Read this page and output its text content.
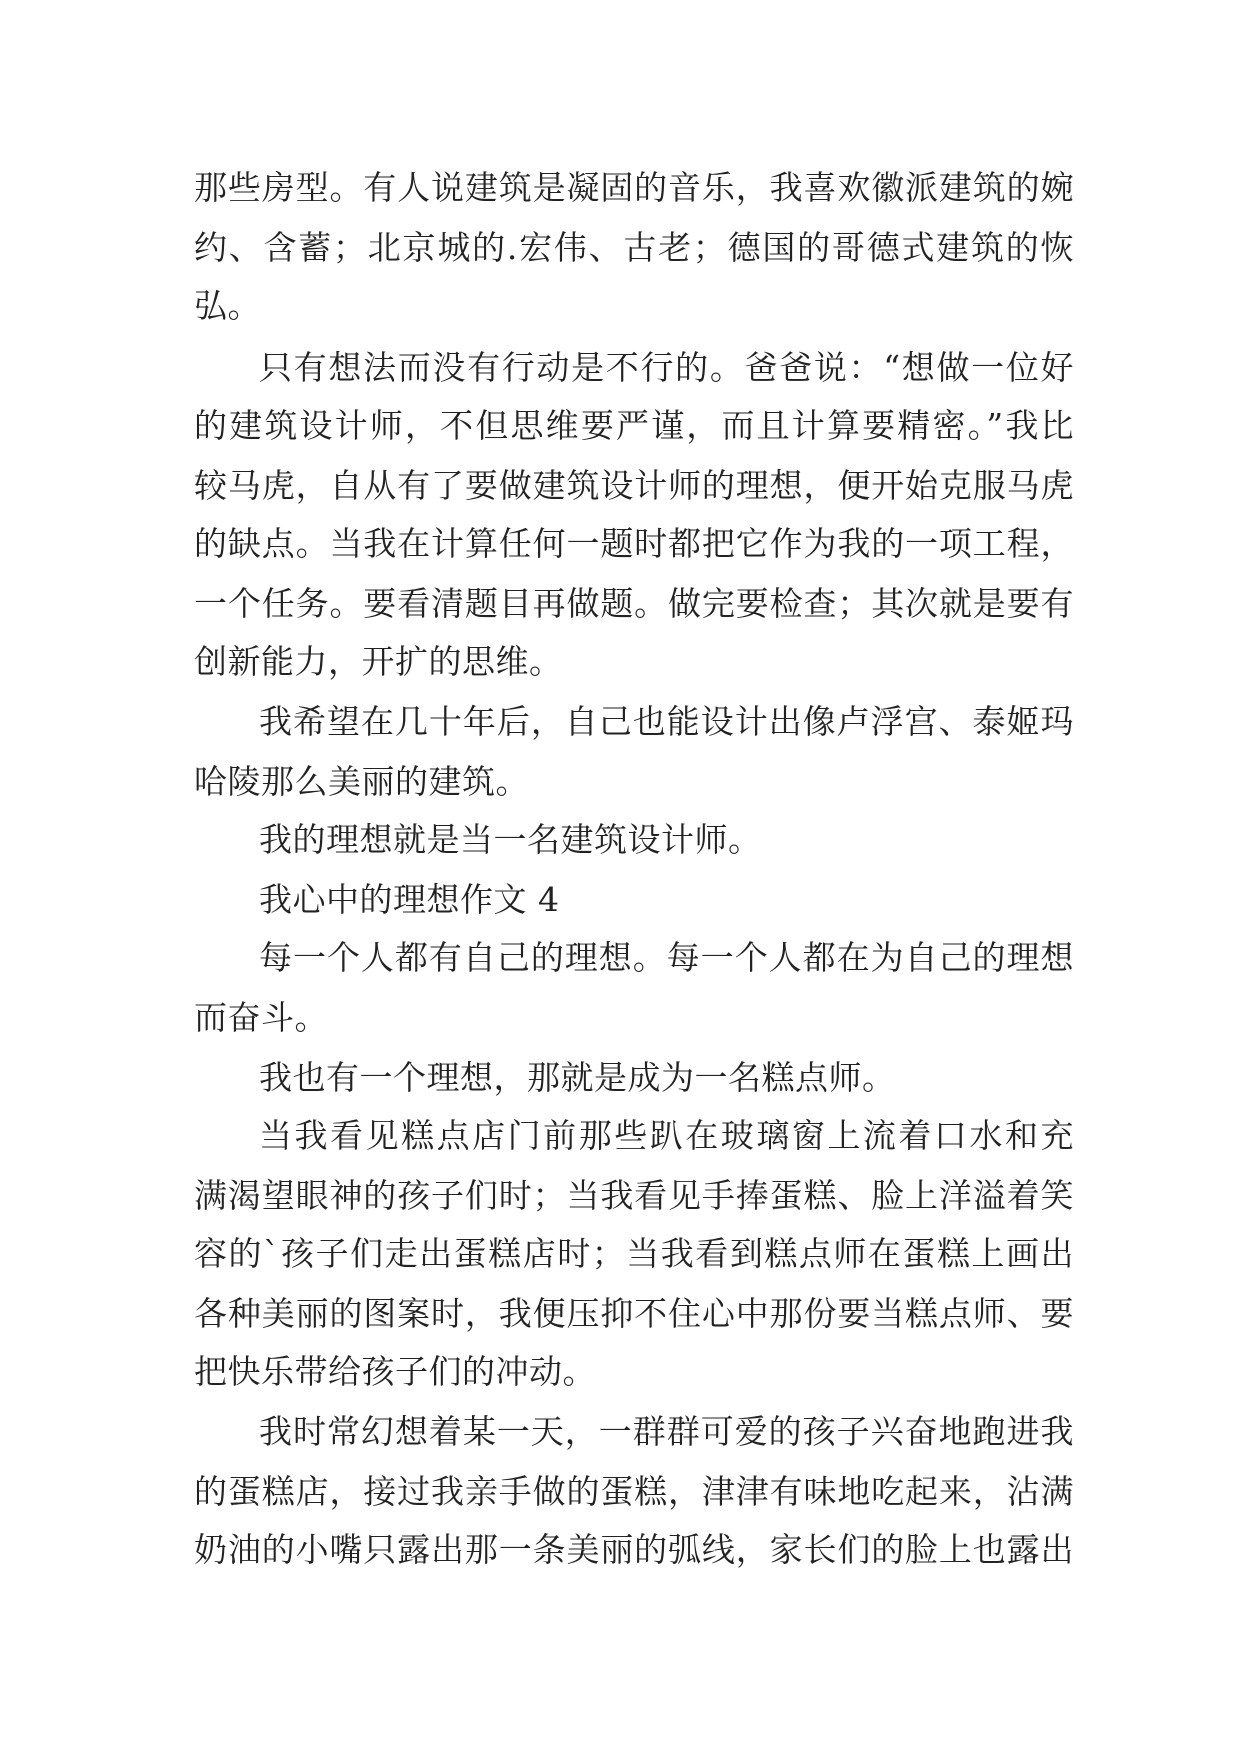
那些房型。有人说建筑是凝固的音乐，我喜欢徽派建筑的婉
约、含蓄；北京城的.宏伟、古老；德国的哥德式建筑的恢
弘。
只有想法而没有行动是不行的。爸爸说：“想做一位好
的建筑设计师，不但思维要严谨，而且计算要精密。”我比
较马虎，自从有了要做建筑设计师的理想，便开始克服马虎
的缺点。当我在计算任何一题时都把它作为我的一项工程，
一个任务。要看清题目再做题。做完要检查；其次就是要有
创新能力，开扩的思维。
我希望在几十年后，自己也能设计出像卢浮宫、泰姬玛
哈陵那么美丽的建筑。
我的理想就是当一名建筑设计师。
我心中的理想作文 4
每一个人都有自己的理想。每一个人都在为自己的理想
而奋斗。
我也有一个理想，那就是成为一名糕点师。
当我看见糕点店门前那些趴在玻璃窗上流着口水和充
满渴望眼神的孩子们时；当我看见手捧蛋糕、脸上洋溢着笑
容的`孩子们走出蛋糕店时；当我看到糕点师在蛋糕上画出
各种美丽的图案时，我便压抑不住心中那份要当糕点师、要
把快乐带给孩子们的冲动。
我时常幻想着某一天，一群群可爱的孩子兴奋地跑进我
的蛋糕店，接过我亲手做的蛋糕，津津有味地吃起来，沾满
奶油的小嘴只露出那一条美丽的弧线，家长们的脸上也露出
